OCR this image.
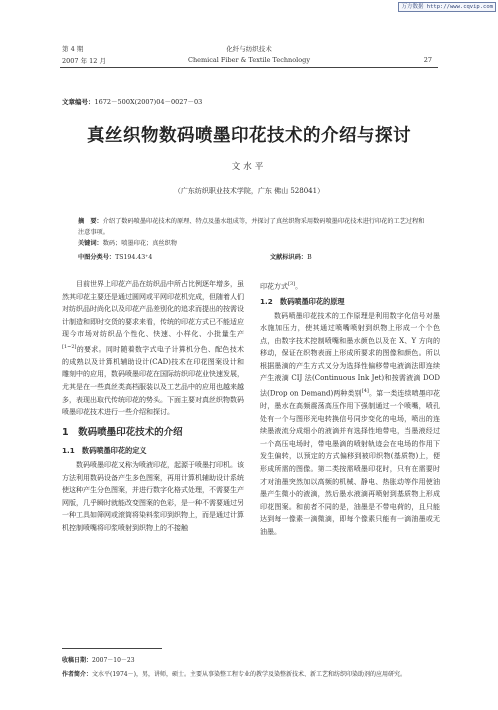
万方数据 http://www.cqvip.com
第 4 期
2007 年 12 月
化纤与纺织技术
Chemical Fiber & Textile Technology	27
文章编号：1672－500X(2007)04－0027－03
真丝织物数码喷墨印花技术的介绍与探讨
文水平
（广东纺织职业技术学院，广东 佛山 528041）
摘　要：介绍了数码喷墨印花技术的原理、特点及墨水组成等，并探讨了真丝织物采用数码喷墨印花技术进行印花的工艺过程和注意事项。
关键词：数码；喷墨印花；真丝织物
中图分类号：TS194.43⁺4	文献标识码：B

目前世界上印花产品在纺织品中所占比例逐年增多，虽然其印花主要还是通过圆网或平网印花机完成，但随着人们对纺织品时尚化以及印花产品差别化的追求而提出的按需设计制造和即时交货的要求来看，传统的印花方式已不能适应现今市场对纺织品个性化、快速、小样化、小批量生产[1~2]的要求。同时随着数字式电子计算机分色、配色技术的成熟以及计算机辅助设计(CAD)技术在印花图案设计和雕刻中的应用，数码喷墨印花在国际纺织印花业快速发展，尤其是在一些真丝类高档服装以及工艺品中的应用也越来越多，表现出取代传统印花的势头。下面主要对真丝织物数码喷墨印花技术进行一些介绍和探讨。

1　数码喷墨印花技术的介绍
1.1　数码喷墨印花的定义

数码喷墨印花又称为喷液印花，起源于喷墨打印机。该方法利用数码设备产生多色图案，再用计算机辅助设计系统使这种产生分色图案，并进行数字化格式处理，不需要生产网版，几乎瞬时就能改变图案的色彩，是一种不需要通过另一种工具如筛网或滚筒将染料浆印到织物上，而是通过计算机控制喷嘴将印浆喷射到织物上的不接触

印花方式[3]。

1.2　数码喷墨印花的原理

数码喷墨印花技术的工作原理是利用数字化信号对墨水施加压力，使其通过喷嘴喷射到织物上形成一个个色点，由数字技术控制喷嘴和墨水颜色以及在 X、Y 方向的移动，保证在织物表面上形成所要求的图像和颜色。所以根据墨滴的产生方式又分为选择性偏移带电液滴法即连续产生液滴 CIJ 法(Continuous Ink Jet)和按需液滴 DOD 法(Drop on Demand)两种类别[4]。第一类连续喷墨印花时，墨水在高频震荡高压作用下强制通过一个喷嘴，喷孔处有一个与图形光电转换信号同步变化的电场，喷出的连续墨液流分成细小的液滴并有选择性地带电，当墨液经过一个高压电场时，带电墨滴的喷射轨迹会在电场的作用下发生偏转，以预定的方式偏移到被印织物(基质物)上，便形成所需的图像。第二类按需喷墨印花时，只有在需要时才对油墨突然加以高频的机械、静电、热胀动等作用使油墨产生微小的液滴，然后墨水液滴再喷射到基质物上形成印花图案。和前者不同的是，油墨是不带电荷的，且只能达到每一像素一滴微滴，即每个像素只能有一滴油墨或无油墨。

收稿日期：2007－10－23
作者简介：文水平(1974－)，男，讲师，硕士。主要从事染整工程专业的教学及染整新技术、新工艺和纺织印染助剂的应用研究。
